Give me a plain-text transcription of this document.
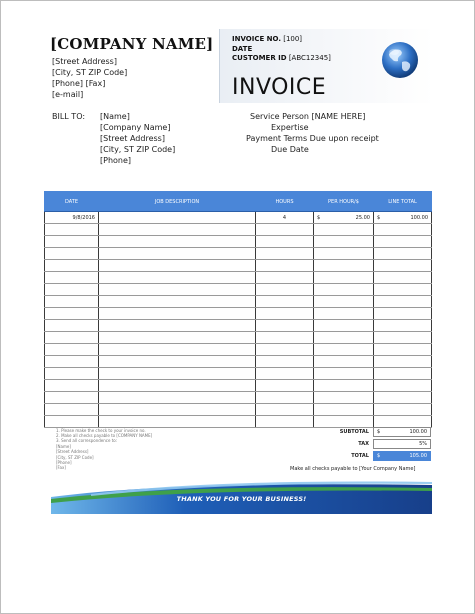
[COMPANY NAME]
[Street Address]
[City, ST ZIP Code]
[Phone] [Fax]
[e-mail]
INVOICE NO. [100]
DATE
CUSTOMER ID [ABC12345]
INVOICE
BILL TO: [Name]
[Company Name]
[Street Address]
[City, ST ZIP Code]
[Phone]
Service Person [NAME HERE]
Expertise
Payment Terms Due upon receipt
Due Date
DATE	JOB DESCRIPTION	HOURS	PER HOUR/$	LINE TOTAL
9/8/2016		4	$ 25.00	$ 100.00

1. Please make the check to your invoice no.
2. Make all checks payable to [COMPANY NAME]
3. Send all correspondence to:
[Name]
[Street Address]
[City, ST ZIP Code]
[Phone]
[Fax]
SUBTOTAL $	100.00
TAX	5%
TOTAL $	105.00
Make all checks payable to [Your Company Name]
THANK YOU FOR YOUR BUSINESS!
